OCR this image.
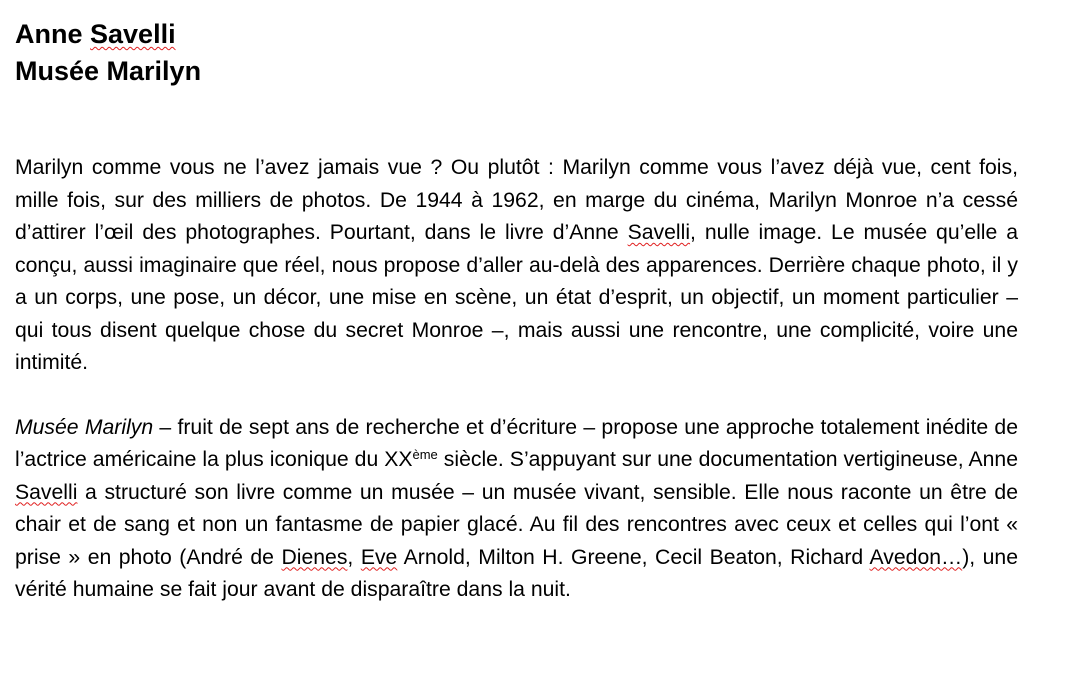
Anne Savelli

Musée Marilyn

Marilyn comme vous ne l’avez jamais vue ? Ou plutôt : Marilyn comme vous l’avez déjà vue, cent fois, mille fois, sur des milliers de photos. De 1944 à 1962, en marge du cinéma, Marilyn Monroe n’a cessé d’attirer l’œil des photographes. Pourtant, dans le livre d’Anne Savelli, nulle image. Le musée qu’elle a conçu, aussi imaginaire que réel, nous propose d’aller au-delà des apparences. Derrière chaque photo, il y a un corps, une pose, un décor, une mise en scène, un état d’esprit, un objectif, un moment particulier – qui tous disent quelque chose du secret Monroe –, mais aussi une rencontre, une complicité, voire une intimité.

Musée Marilyn – fruit de sept ans de recherche et d’écriture – propose une approche totalement inédite de l’actrice américaine la plus iconique du XXème siècle. S’appuyant sur une documentation vertigineuse, Anne Savelli a structuré son livre comme un musée – un musée vivant, sensible. Elle nous raconte un être de chair et de sang et non un fantasme de papier glacé. Au fil des rencontres avec ceux et celles qui l’ont « prise » en photo (André de Dienes, Eve Arnold, Milton H. Greene, Cecil Beaton, Richard Avedon…), une vérité humaine se fait jour avant de disparaître dans la nuit.
